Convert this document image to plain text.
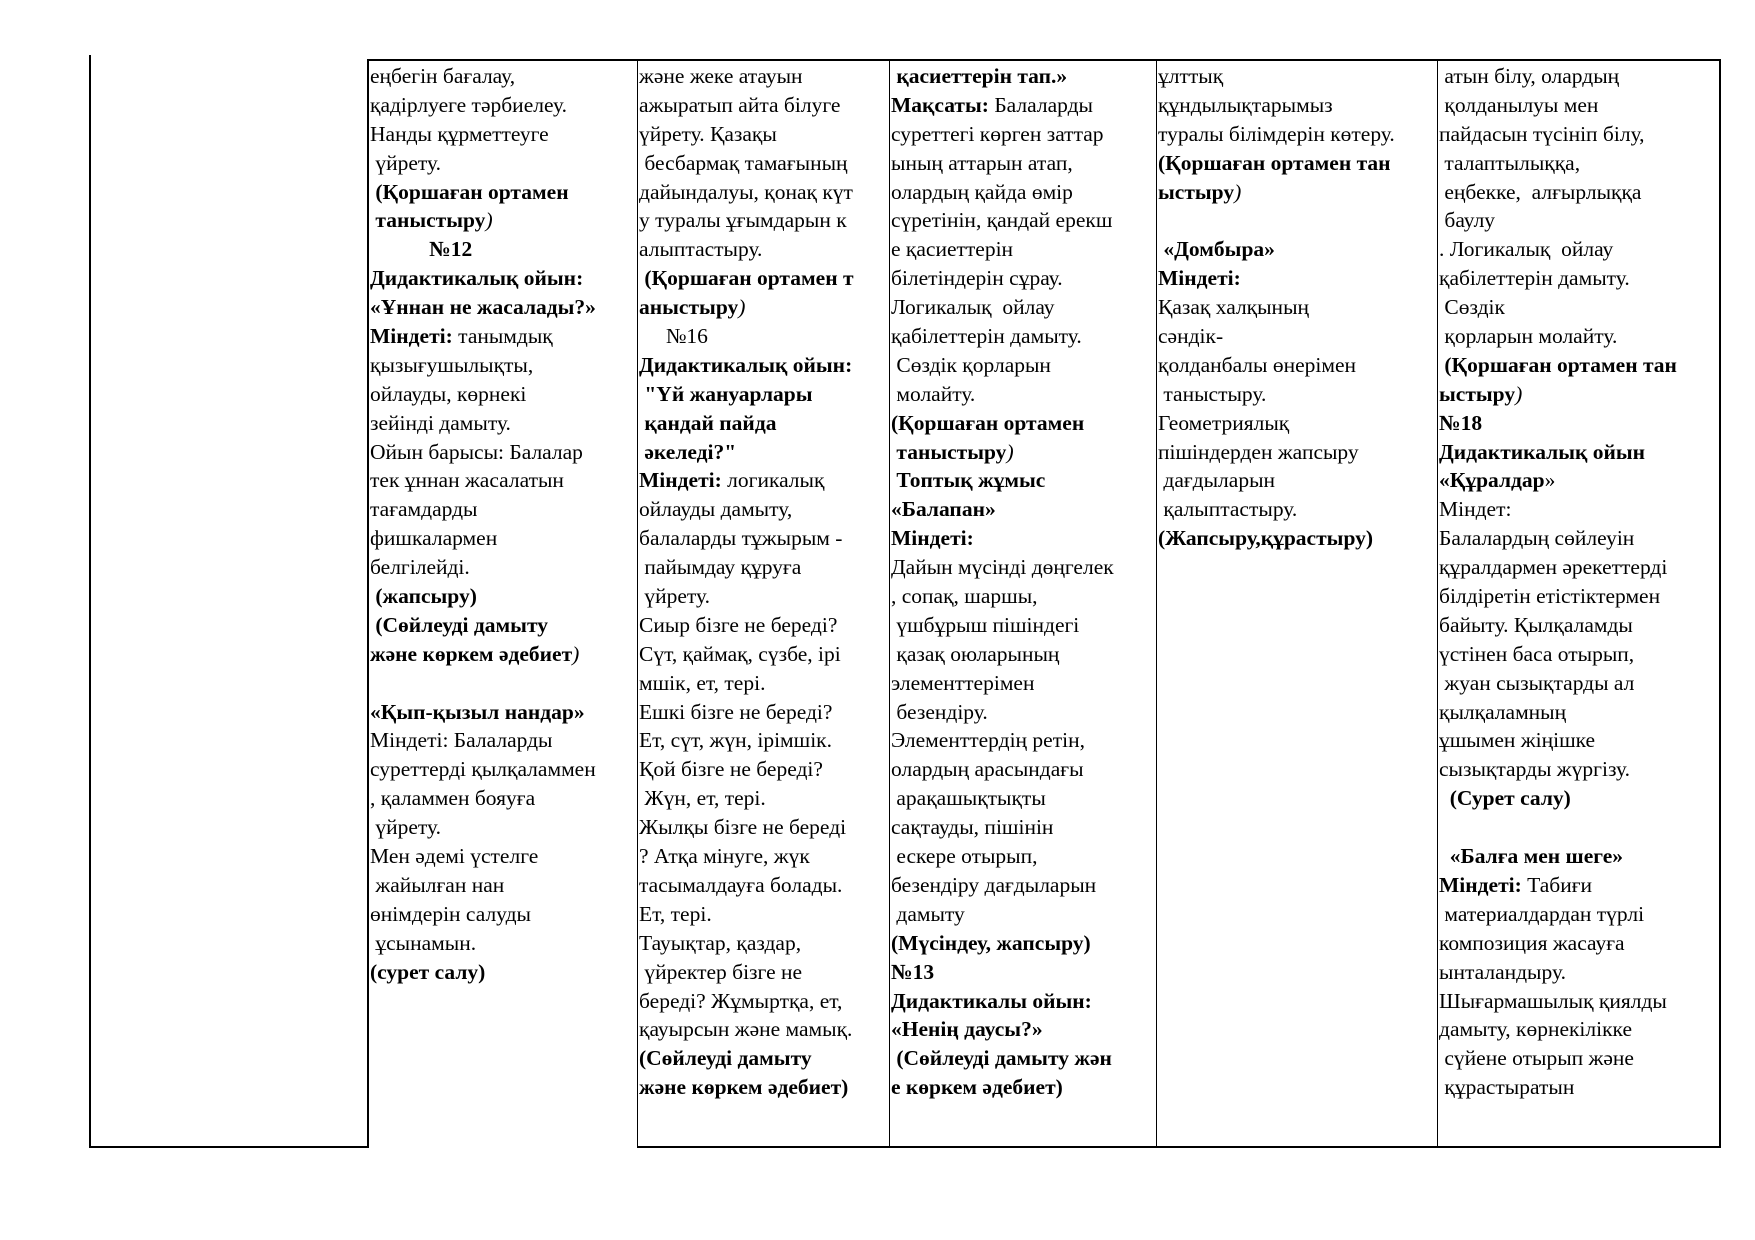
еңбегін бағалау,
қадірлуеге тәрбиелеу.
Нанды құрметтеуге
үйрету.
(Қоршаған ортамен
таныстыру)
№12
Дидактикалық ойын:
«Ұннан не жасалады?»
Міндеті: танымдық
қызығушылықты,
ойлауды, көрнекі
зейінді дамыту.
Ойын барысы: Балалар
тек ұннан жасалатын
тағамдарды
фишкалармен
белгілейді.
(жапсыру)
(Сөйлеуді дамыту
және көркем әдебиет)
«Қып-қызыл нандар»
Міндеті: Балаларды
суреттерді қылқаламмен
, қаламмен бояуға
үйрету.
Мен әдемі үстелге
жайылған нан
өнімдерін салуды
ұсынамын.
(сурет салу)
және жеке атауын
ажыратып айта білуге
үйрету. Қазақы
бесбармақ тамағының
дайындалуы, қонақ күт
у туралы ұғымдарын к
алыптастыру.
(Қоршаған ортамен т
аныстыру)
№16
Дидактикалық ойын:
"Үй жануарлары
қандай пайда
әкеледі?"
Міндеті: логикалық
ойлауды дамыту,
балаларды тұжырым -
пайымдау құруға
үйрету.
Сиыр бізге не береді?
Сүт, қаймақ, сүзбе, ірі
мшік, ет, тері.
Ешкі бізге не береді?
Ет, сүт, жүн, ірімшік.
Қой бізге не береді?
Жүн, ет, тері.
Жылқы бізге не береді
? Атқа мінуге, жүк
тасымалдауға болады.
Ет, тері.
Тауықтар, қаздар,
үйректер бізге не
береді? Жұмыртқа, ет,
қауырсын және мамық.
(Сөйлеуді дамыту
және көркем әдебиет)
қасиеттерін тап.»
Мақсаты: Балаларды
суреттегі көрген заттар
ының аттарын атап,
олардың қайда өмір
сүретінін, қандай ерекш
е қасиеттерін
білетіндерін сұрау.
Логикалық  ойлау
қабілеттерін дамыту.
Сөздік қорларын
молайту.
(Қоршаған ортамен
таныстыру)
Топтық жұмыс
«Балапан»
Міндеті:
Дайын мүсінді дөңгелек
, сопақ, шаршы,
үшбұрыш пішіндегі
қазақ оюларының
элементтерімен
безендіру.
Элементтердің ретін,
олардың арасындағы
арақашықтықты
сақтауды, пішінін
ескере отырып,
безендіру дағдыларын
дамыту
(Мүсіндеу, жапсыру)
№13
Дидактикалы ойын:
«Ненің даусы?»
(Сөйлеуді дамыту жән
е көркем әдебиет)
ұлттық
құндылықтарымыз
туралы білімдерін көтеру.
(Қоршаған ортамен тан
ыстыру)
«Домбыра»
Міндеті:
Қазақ халқының
сәндік-
қолданбалы өнерімен
таныстыру.
Геометриялық
пішіндерден жапсыру
дағдыларын
қалыптастыру.
(Жапсыру,құрастыру)
атын білу, олардың
қолданылуы мен
пайдасын түсініп білу,
талаптылыққа,
еңбекке,  алғырлыққа
баулу
. Логикалық  ойлау
қабілеттерін дамыту.
Сөздік
қорларын молайту.
(Қоршаған ортамен тан
ыстыру)
№18
Дидактикалық ойын
«Құралдар»
Міндет:
Балалардың сөйлеуін
құралдармен әрекеттерді
білдіретін етістіктермен
байыту. Қылқаламды
үстінен баса отырып,
жуан сызықтарды ал
қылқаламның
ұшымен жіңішке
сызықтарды жүргізу.
(Сурет салу)
«Балға мен шеге»
Міндеті: Табиғи
материалдардан түрлі
композиция жасауға
ынталандыру.
Шығармашылық қиялды
дамыту, көрнекілікке
сүйене отырып және
құрастыратын
